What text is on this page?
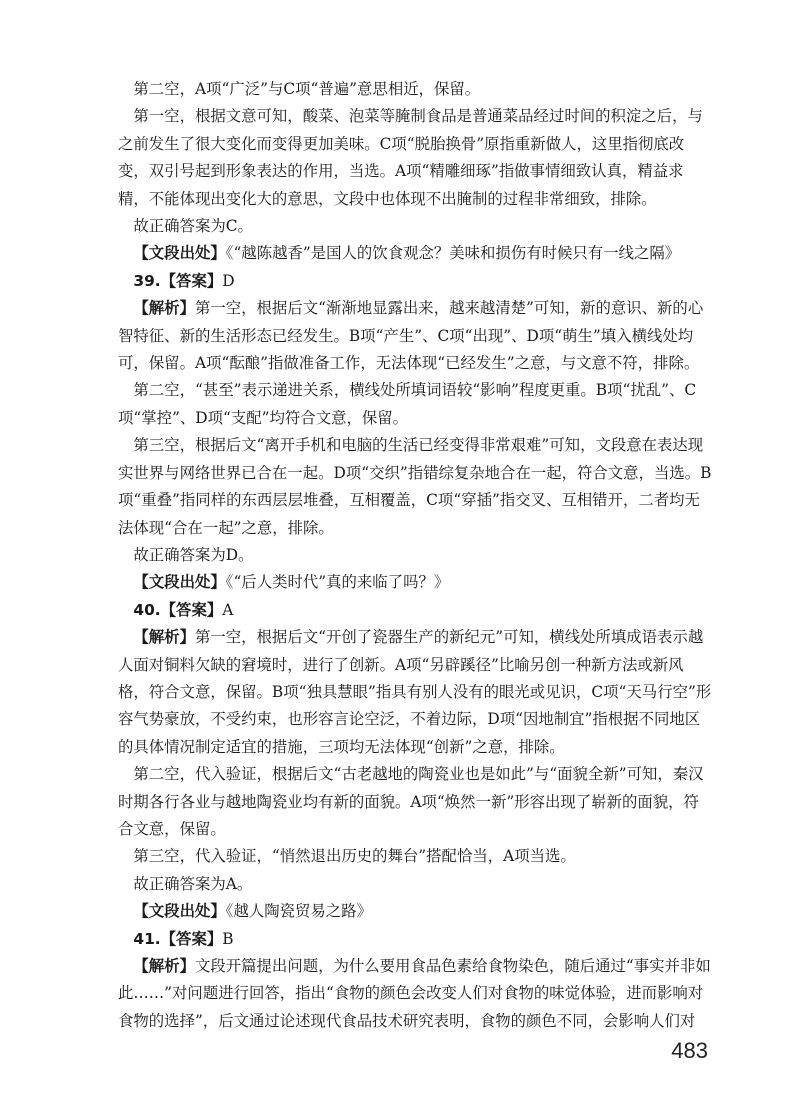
第二空，A项“广泛”与C项“普遍”意思相近，保留。

第一空，根据文意可知，酸菜、泡菜等腌制食品是普通菜品经过时间的积淀之后，与之前发生了很大变化而变得更加美味。C项“脱胎换骨”原指重新做人，这里指彻底改变，双引号起到形象表达的作用，当选。A项“精雕细琢”指做事情细致认真，精益求精，不能体现出变化大的意思，文段中也体现不出腌制的过程非常细致，排除。

故正确答案为C。

【文段出处】《“越陈越香”是国人的饮食观念？美味和损伤有时候只有一线之隔》

39.【答案】D

【解析】第一空，根据后文“渐渐地显露出来，越来越清楚”可知，新的意识、新的心智特征、新的生活形态已经发生。B项“产生”、C项“出现”、D项“萌生”填入横线处均可，保留。A项“酝酿”指做准备工作，无法体现“已经发生”之意，与文意不符，排除。

第二空，“甚至”表示递进关系，横线处所填词语较“影响”程度更重。B项“扰乱”、C项“掌控”、D项“支配”均符合文意，保留。

第三空，根据后文“离开手机和电脑的生活已经变得非常艰难”可知，文段意在表达现实世界与网络世界已合在一起。D项“交织”指错综复杂地合在一起，符合文意，当选。B项“重叠”指同样的东西层层堆叠，互相覆盖，C项“穿插”指交叉、互相错开，二者均无法体现“合在一起”之意，排除。

故正确答案为D。

【文段出处】《“后人类时代”真的来临了吗？》

40.【答案】A

【解析】第一空，根据后文“开创了瓷器生产的新纪元”可知，横线处所填成语表示越人面对铜料欠缺的窘境时，进行了创新。A项“另辟蹊径”比喻另创一种新方法或新风格，符合文意，保留。B项“独具慧眼”指具有别人没有的眼光或见识，C项“天马行空”形容气势豪放，不受约束，也形容言论空泛，不着边际，D项“因地制宜”指根据不同地区的具体情况制定适宜的措施，三项均无法体现“创新”之意，排除。

第二空，代入验证，根据后文“古老越地的陶瓷业也是如此”与“面貌全新”可知，秦汉时期各行各业与越地陶瓷业均有新的面貌。A项“焕然一新”形容出现了崭新的面貌，符合文意，保留。

第三空，代入验证，“悄然退出历史的舞台”搭配恰当，A项当选。

故正确答案为A。

【文段出处】《越人陶瓷贸易之路》

41.【答案】B

【解析】文段开篇提出问题，为什么要用食品色素给食物染色，随后通过“事实并非如此……”对问题进行回答，指出“食物的颜色会改变人们对食物的味觉体验，进而影响对食物的选择”，后文通过论述现代食品技术研究表明，食物的颜色不同，会影响人们对

483
